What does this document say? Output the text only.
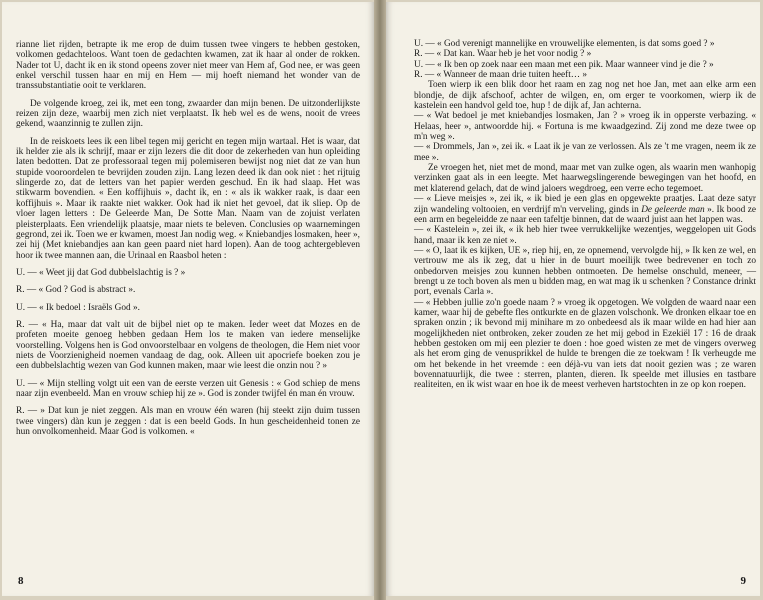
rianne liet rijden, betrapte ik me erop de duim tussen twee vingers te hebben gestoken, volkomen gedachteloos. Want toen de gedachten kwamen, zat ik haar al onder de rokken. Nader tot U, dacht ik en ik stond opeens zover niet meer van Hem af, God nee, er was geen enkel verschil tussen haar en mij en Hem — mij hoeft niemand het wonder van de transsubstantiatie ooit te verklaren.

De volgende kroeg, zei ik, met een tong, zwaarder dan mijn benen. De uitzonderlijkste reizen zijn deze, waarbij men zich niet verplaatst. Ik heb wel es de wens, nooit de vrees gekend, waanzinnig te zullen zijn.

In de reiskoets lees ik een libel tegen mij gericht en tegen mijn wartaal. Het is waar, dat ik helder zie als ik schrijf, maar er zijn lezers die dit door de zekerheden van hun opleiding laten bedotten. Dat ze professoraal tegen mij polemiseren bewijst nog niet dat ze van hun stupide vooroordelen te bevrijden zouden zijn. Lang lezen deed ik dan ook niet : het rijtuig slingerde zo, dat de letters van het papier werden geschud. En ik had slaap. Het was stikwarm bovendien. « Een koffijhuis », dacht ik, en : « als ik wakker raak, is daar een koffijhuis ». Maar ik raakte niet wakker. Ook had ik niet het gevoel, dat ik sliep. Op de vloer lagen letters : De Geleerde Man, De Sotte Man. Naam van de zojuist verlaten pleisterplaats. Een vriendelijk plaatsje, maar niets te beleven. Conclusies op waarnemingen gegrond, zei ik. Toen we er kwamen, moest Jan nodig weg. « Kniebandjes losmaken, heer », zei hij (Met kniebandjes aan kan geen paard niet hard lopen). Aan de toog achtergebleven hoor ik twee mannen aan, die Urinaal en Raasbol heten :

U. — « Weet jij dat God dubbelslachtig is ? »

R. — « God ? God is abstract ».

U. — « Ik bedoel : Israëls God ».

R. — « Ha, maar dat valt uit de bijbel niet op te maken. Ieder weet dat Mozes en de profeten moeite genoeg hebben gedaan Hem los te maken van iedere menselijke voorstelling. Volgens hen is God onvoorstelbaar en volgens de theologen, die Hem niet voor niets de Voorzienigheid noemen vandaag de dag, ook. Alleen uit apocriefe boeken zou je een dubbelslachtig wezen van God kunnen maken, maar wie leest die onzin nou ? »

U. — « Mijn stelling volgt uit een van de eerste verzen uit Genesis : « God schiep de mens naar zijn evenbeeld. Man en vrouw schiep hij ze ». God is zonder twijfel én man én vrouw.

R. — » Dat kun je niet zeggen. Als man en vrouw één waren (hij steekt zijn duim tussen twee vingers) dàn kun je zeggen : dat is een beeld Gods. In hun gescheidenheid tonen ze hun onvolkomenheid. Maar God is volkomen. «

8

U. — « God verenigt mannelijke en vrouwelijke elementen, is dat soms goed ? »

R. — « Dat kan. Waar heb je het voor nodig ? »

U. — « Ik ben op zoek naar een maan met een pik. Maar wanneer vind je die ? »

R. — « Wanneer de maan drie tuiten heeft… »

Toen wierp ik een blik door het raam en zag nog net hoe Jan, met aan elke arm een blondje, de dijk afschoof, achter de wilgen, en, om erger te voorkomen, wierp ik de kastelein een handvol geld toe, hup ! de dijk af, Jan achterna.

— « Wat bedoel je met kniebandjes losmaken, Jan ? » vroeg ik in opperste verbazing. « Helaas, heer », antwoordde hij. « Fortuna is me kwaadgezind. Zij zond me deze twee op m'n weg ».

— « Drommels, Jan », zei ik. « Laat ik je van ze verlossen. Als ze 't me vragen, neem ik ze mee ».

Ze vroegen het, niet met de mond, maar met van zulke ogen, als waarin men wanhopig verzinken gaat als in een leegte. Met haarwegslingerende bewegingen van het hoofd, en met klaterend gelach, dat de wind jaloers wegdroeg, een verre echo tegemoet.

— « Lieve meisjes », zei ik, « ik bied je een glas en opgewekte praatjes. Laat deze satyr zijn wandeling voltooien, en verdrijf m'n verveling, ginds in De geleerde man ». Ik bood ze een arm en begeleidde ze naar een tafeltje binnen, dat de waard juist aan het lappen was.

— « Kastelein », zei ik, « ik heb hier twee verrukkelijke wezentjes, weggelopen uit Gods hand, maar ik ken ze niet ».

— « O, laat ik es kijken, UE », riep hij, en, ze opnemend, vervolgde hij, » Ik ken ze wel, en vertrouw me als ik zeg, dat u hier in de buurt moeilijk twee bedrevener en toch zo onbedorven meisjes zou kunnen hebben ontmoeten. De hemelse onschuld, meneer, — brengt u ze toch boven als men u bidden mag, en wat mag ik u schenken ? Constance drinkt port, evenals Carla ».

— « Hebben jullie zo'n goede naam ? » vroeg ik opgetogen. We volgden de waard naar een kamer, waar hij de gebefte fles ontkurkte en de glazen volschonk. We dronken elkaar toe en spraken onzin ; ik bevond mij minihare m zo onbedeesd als ik maar wilde en had hier aan mogelijkheden niet ontbroken, zeker zouden ze het mij gebod in Ezekiël 17 : 16 de draak hebben gestoken om mij een plezier te doen : hoe goed wisten ze met de vingers overweg als het erom ging de venusprikkel de hulde te brengen die ze toekwam ! Ik verheugde me om het bekende in het vreemde : een déjà-vu van iets dat nooit gezien was ; ze waren bovennatuurlijk, die twee : sterren, planten, dieren. Ik speelde met illusies en tastbare realiteiten, en ik wist waar en hoe ik de meest verheven hartstochten in ze op kon roepen.

9
